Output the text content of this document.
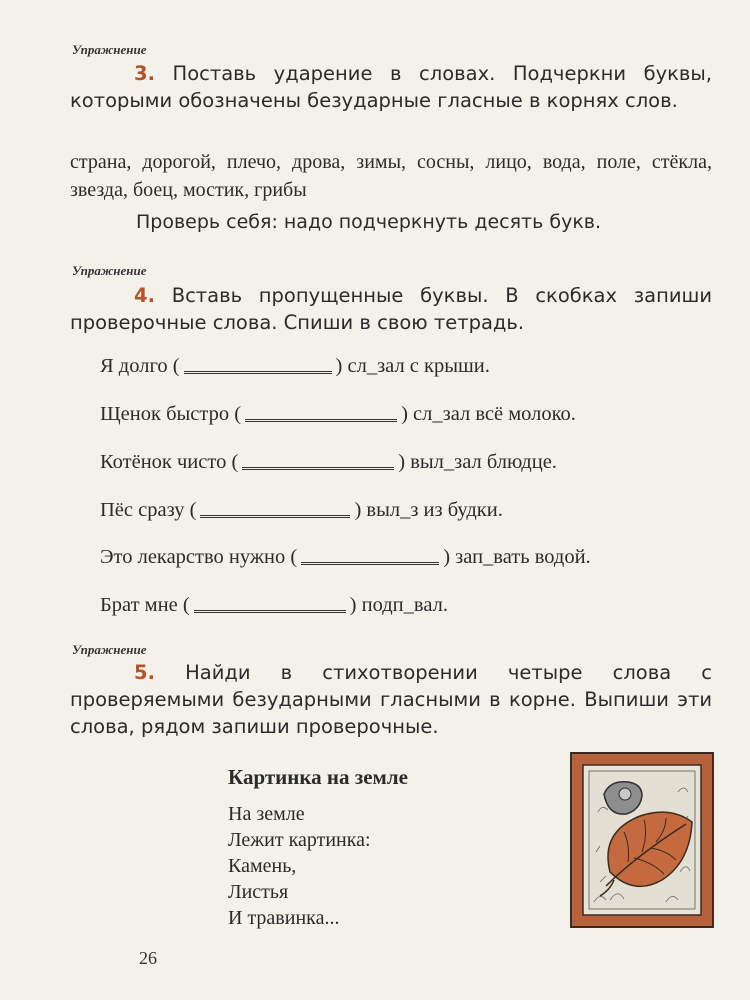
Упражнение
3. Поставь ударение в словах. Подчеркни буквы, которыми обозначены безударные гласные в корнях слов.
страна, дорогой, плечо, дрова, зимы, сосны, лицо, вода, поле, стёкла, звезда, боец, мостик, грибы
Проверь себя: надо подчеркнуть десять букв.
Упражнение
4. Вставь пропущенные буквы. В скобках запиши проверочные слова. Спиши в свою тетрадь.
Я долго (	) сл_зал с крыши.
Щенок быстро (	) сл_зал всё молоко.
Котёнок чисто (	) выл_зал блюдце.
Пёс сразу (	) выл_з из будки.
Это лекарство нужно (	) зап_вать водой.
Брат мне (	) подп_вал.
Упражнение
5. Найди в стихотворении четыре слова с проверяемыми безударными гласными в корне. Выпиши эти слова, рядом запиши проверочные.
Картинка на земле
На земле
Лежит картинка:
Камень,
Листья
И травинка...
26
